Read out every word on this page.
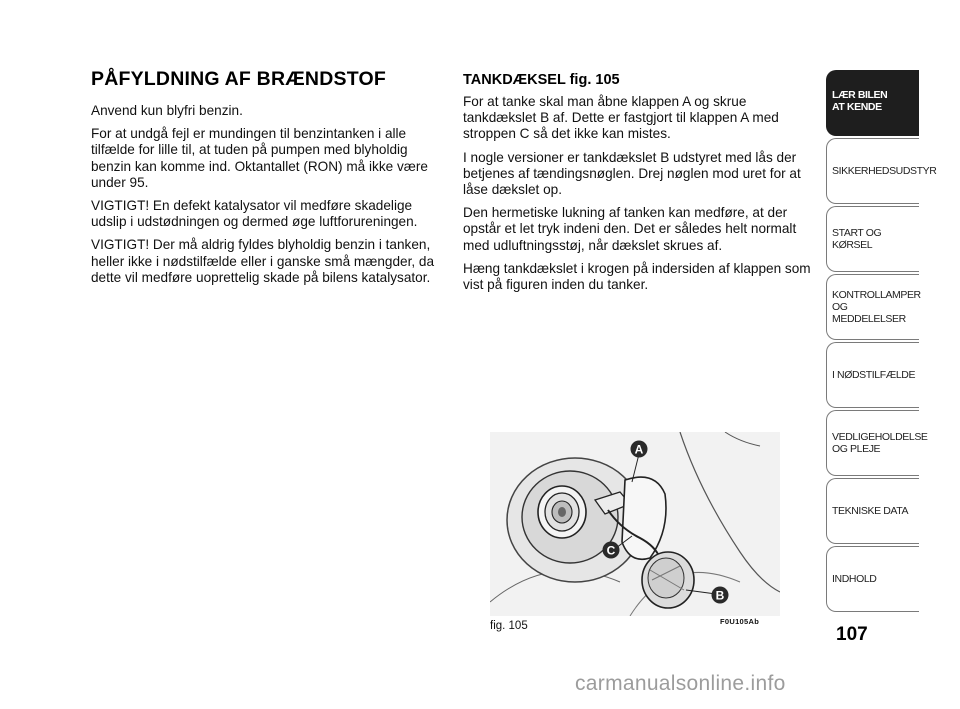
PÅFYLDNING AF BRÆNDSTOF

Anvend kun blyfri benzin.

For at undgå fejl er mundingen til benzintanken i alle tilfælde for lille til, at tuden på pumpen med blyholdig benzin kan komme ind. Oktantallet (RON) må ikke være under 95.

VIGTIGT! En defekt katalysator vil medføre skadelige udslip i udstødningen og dermed øge luftforureningen.

VIGTIGT! Der må aldrig fyldes blyholdig benzin i tanken, heller ikke i nødstilfælde eller i ganske små mængder, da dette vil medføre uoprettelig skade på bilens katalysator.

TANKDÆKSEL fig. 105

For at tanke skal man åbne klappen A og skrue tankdækslet B af. Dette er fastgjort til klappen A med stroppen C så det ikke kan mistes.

I nogle versioner er tankdækslet B udstyret med lås der betjenes af tændingsnøglen. Drej nøglen mod uret for at låse dækslet op.

Den hermetiske lukning af tanken kan medføre, at der opstår et let tryk indeni den. Det er således helt normalt med udluftningsstøj, når dækslet skrues af.

Hæng tankdækslet i krogen på indersiden af klappen som vist på figuren inden du tanker.

A
C
B
fig. 105	F0U105Ab
LÆR BILEN
AT KENDE
SIKKERHEDSUDSTYR
START OG KØRSEL
KONTROLLAMPER
OG MEDDELELSER
I NØDSTILFÆLDE
VEDLIGEHOLDELSE
OG PLEJE
TEKNISKE DATA
INDHOLD
107
carmanualsonline.info
